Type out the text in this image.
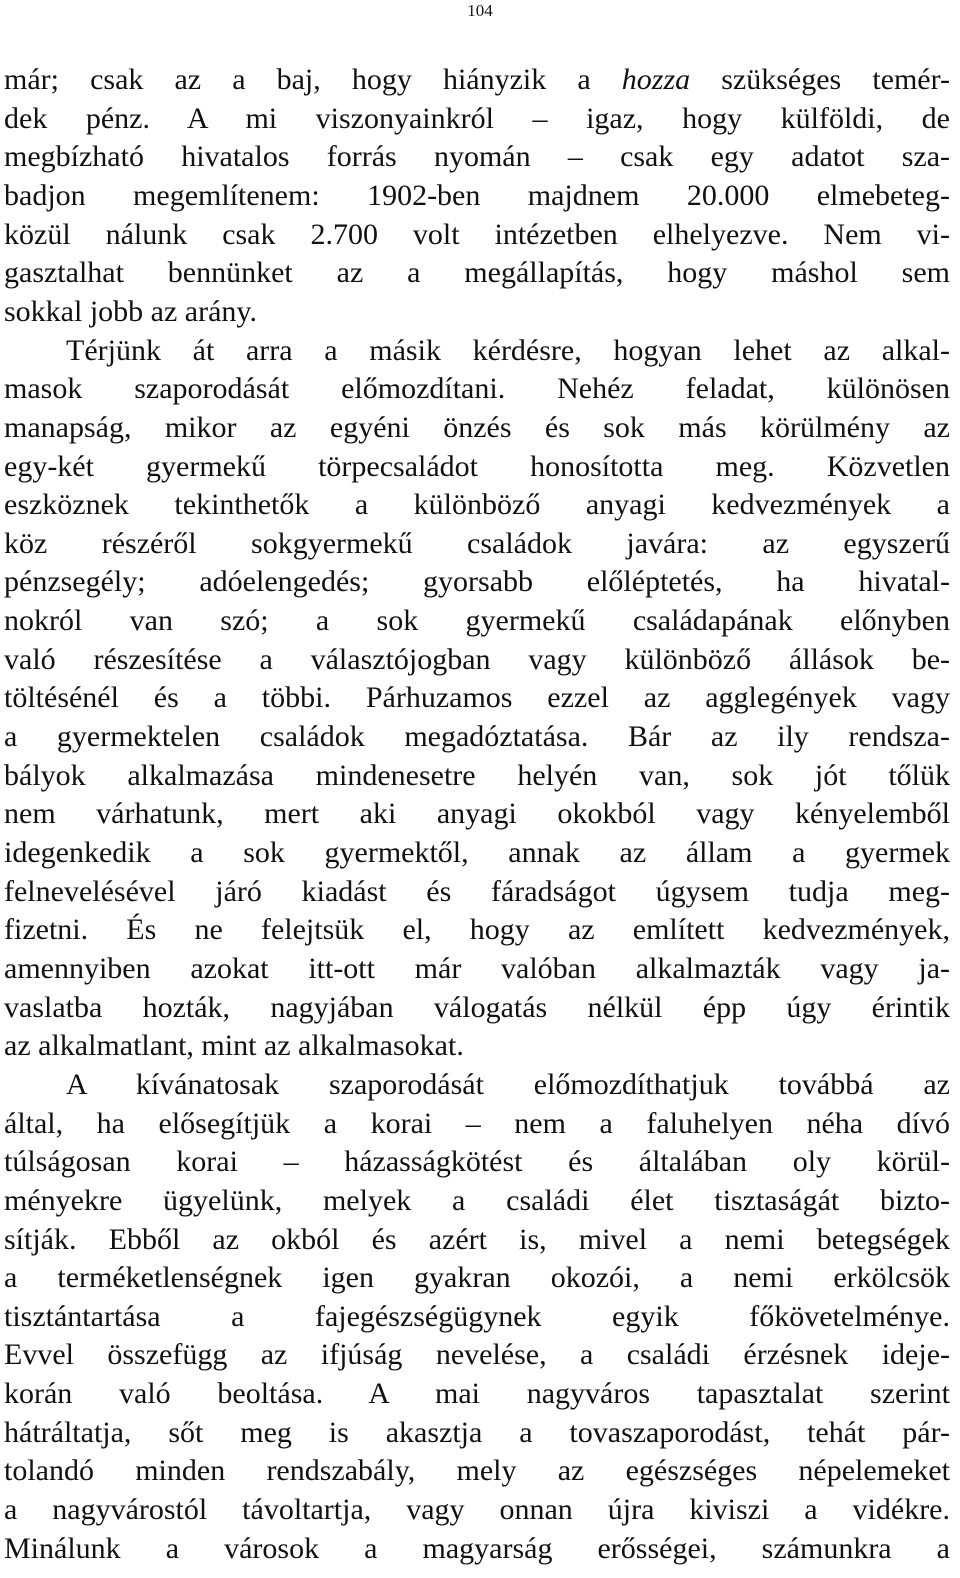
104
már; csak az a baj, hogy hiányzik a hozza szükséges temér-
dek pénz. A mi viszonyainkról – igaz, hogy külföldi, de
megbízható hivatalos forrás nyomán – csak egy adatot sza-
badjon megemlítenem: 1902-ben majdnem 20.000 elmebeteg-
közül nálunk csak 2.700 volt intézetben elhelyezve. Nem vi-
gasztalhat bennünket az a megállapítás, hogy máshol sem
sokkal jobb az arány.
Térjünk át arra a másik kérdésre, hogyan lehet az alkal-
masok szaporodását előmozdítani. Nehéz feladat, különösen
manapság, mikor az egyéni önzés és sok más körülmény az
egy-két gyermekű törpecsaládot honosította meg. Közvetlen
eszköznek tekinthetők a különböző anyagi kedvezmények a
köz részéről sokgyermekű családok javára: az egyszerű
pénzsegély; adóelengedés; gyorsabb előléptetés, ha hivatal-
nokról van szó; a sok gyermekű családapának előnyben
való részesítése a választójogban vagy különböző állások be-
töltésénél és a többi. Párhuzamos ezzel az agglegények vagy
a gyermektelen családok megadóztatása. Bár az ily rendsza-
bályok alkalmazása mindenesetre helyén van, sok jót tőlük
nem várhatunk, mert aki anyagi okokból vagy kényelemből
idegenkedik a sok gyermektől, annak az állam a gyermek
felnevelésével járó kiadást és fáradságot úgysem tudja meg-
fizetni. És ne felejtsük el, hogy az említett kedvezmények,
amennyiben azokat itt-ott már valóban alkalmazták vagy ja-
vaslatba hozták, nagyjában válogatás nélkül épp úgy érintik
az alkalmatlant, mint az alkalmasokat.
A kívánatosak szaporodását előmozdíthatjuk továbbá az
által, ha elősegítjük a korai – nem a faluhelyen néha dívó
túlságosan korai – házasságkötést és általában oly körül-
ményekre ügyelünk, melyek a családi élet tisztaságát bizto-
sítják. Ebből az okból és azért is, mivel a nemi betegségek
a terméketlenségnek igen gyakran okozói, a nemi erkölcsök
tisztántartása a fajegészségügynek egyik főkövetelménye.
Evvel összefügg az ifjúság nevelése, a családi érzésnek ideje-
korán való beoltása. A mai nagyváros tapasztalat szerint
hátráltatja, sőt meg is akasztja a tovaszaporodást, tehát pár-
tolandó minden rendszabály, mely az egészséges népelemeket
a nagyvárostól távoltartja, vagy onnan újra kiviszi a vidékre.
Minálunk a városok a magyarság erősségei, számunkra a
